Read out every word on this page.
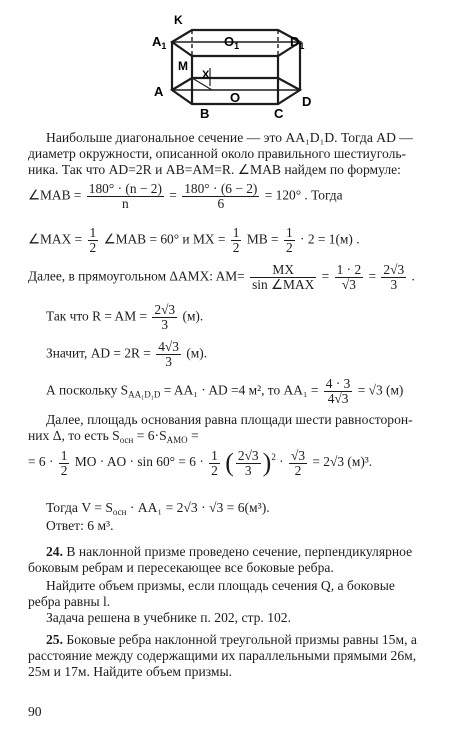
$A_1$
K
$O_1$	$D_1$
M
X
A	O	D
B	C
Наибольше диагональное сечение — это AA₁D₁D. Тогда AD —
диаметр окружности, описанной около правильного шестиуголь-
ника. Так что AD=2R и AB=AM=R. ∠MAB найдем по формуле:
∠MAB = $\frac{180^\circ \cdot (n - 2)}{n} = \frac{180^\circ \cdot (6 - 2)}{6} = 120^\circ$ . Тогда
∠MAX = $\frac{1}{2}$ ∠MAB = 60° и MX = $\frac{1}{2}$ MB = $\frac{1}{2} \cdot 2 = 1(м)$ .
Далее, в прямоугольном ΔAMX: AM=	MX
sin ∠MAX
= $\frac{1 \cdot 2}{√3} = \frac{2√3}{3}$ .
Так что R = AM = $\frac{2√3}{3} (м)$.
Значит, AD = $2R = \frac{4√3}{3} (м)$.
А поскольку $S_{AA_1D_1D} = AA_1$ · AD =4 м², то $AA_1 = \frac{4 \cdot 3}{4√3} = √3$ (м)
Далее, площадь основания равна площади шести равносторон-
них Δ, то есть $S_{осн} = 6\cdot S_{AMO}$ =
= $6 \cdot \frac{1}{2}$ MO · AO · $\sin 60^\circ = 6 \cdot \frac{1}{2}$ ( $\frac{2√3}{3} )^2 \cdot \frac{√3}{2} = 2√3$ (м)³.
Тогда $V = S_{осн} \cdot AA_1 = 2√3 \cdot √3 = 6(м^3)$.
Ответ: 6 м³.
24. В наклонной призме проведено сечение, перпендикулярное
боковым ребрам и пересекающее все боковые ребра.
Найдите объем призмы, если площадь сечения Q, а боковые
ребра равны l.
Задача решена в учебнике п. 202, стр. 102.
25. Боковые ребра наклонной треугольной призмы равны 15м, а
расстояние между содержащими их параллельными прямыми 26м,
25м и 17м. Найдите объем призмы.
90
